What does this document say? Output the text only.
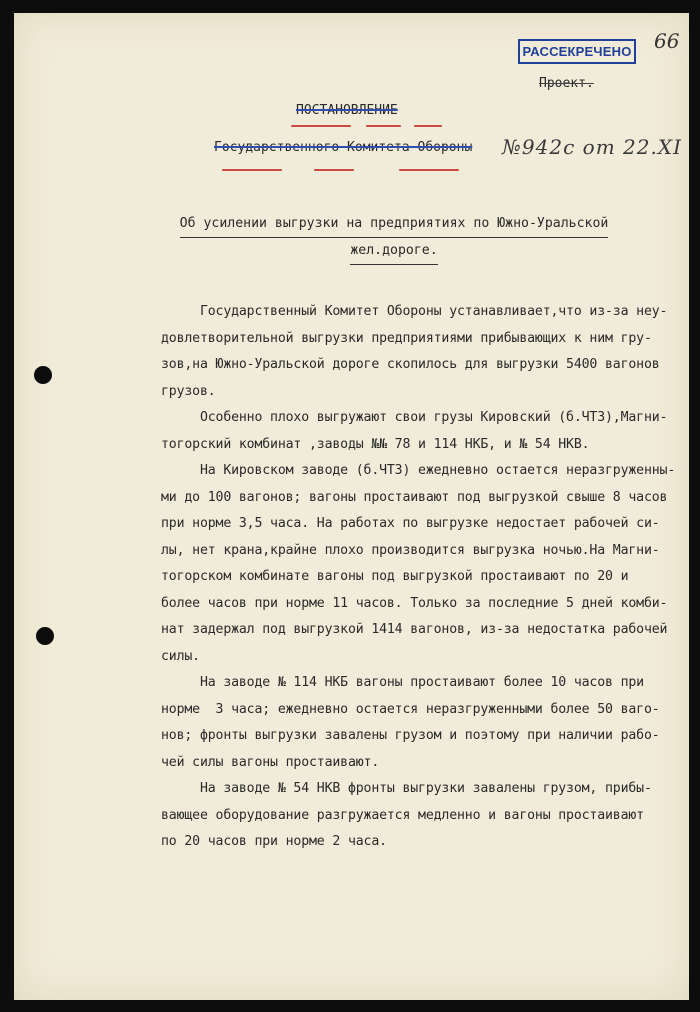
РАССЕКРЕЧЕНО 66
Проект.
ПОСТАНОВЛЕНИЕ
Государственного Комитета Обороны №942с от 22.XI
Об усилении выгрузки на предприятиях по Южно-Уральской
жел.дороге.
Государственный Комитет Обороны устанавливает,что из-за неу-
довлетворительной выгрузки предприятиями прибывающих к ним гру-
зов,на Южно-Уральской дороге скопилось для выгрузки 5400 вагонов
грузов.
Особенно плохо выгружают свои грузы Кировский (б.ЧТЗ),Магни-
тогорский комбинат ,заводы №№ 78 и 114 НКБ, и № 54 НКВ.
На Кировском заводе (б.ЧТЗ) ежедневно остается неразгруженны-
ми до 100 вагонов; вагоны простаивают под выгрузкой свыше 8 часов
при норме 3,5 часа. На работах по выгрузке недостает рабочей си-
лы, нет крана,крайне плохо производится выгрузка ночью.На Магни-
тогорском комбинате вагоны под выгрузкой простаивают по 20 и
более часов при норме 11 часов. Только за последние 5 дней комби-
нат задержал под выгрузкой 1414 вагонов, из-за недостатка рабочей
силы.
На заводе № 114 НКБ вагоны простаивают более 10 часов при
норме  3 часа; ежедневно остается неразгруженными более 50 ваго-
нов; фронты выгрузки завалены грузом и поэтому при наличии рабо-
чей силы вагоны простаивают.
На заводе № 54 НКВ фронты выгрузки завалены грузом, прибы-
вающее оборудование разгружается медленно и вагоны простаивают
по 20 часов при норме 2 часа.
